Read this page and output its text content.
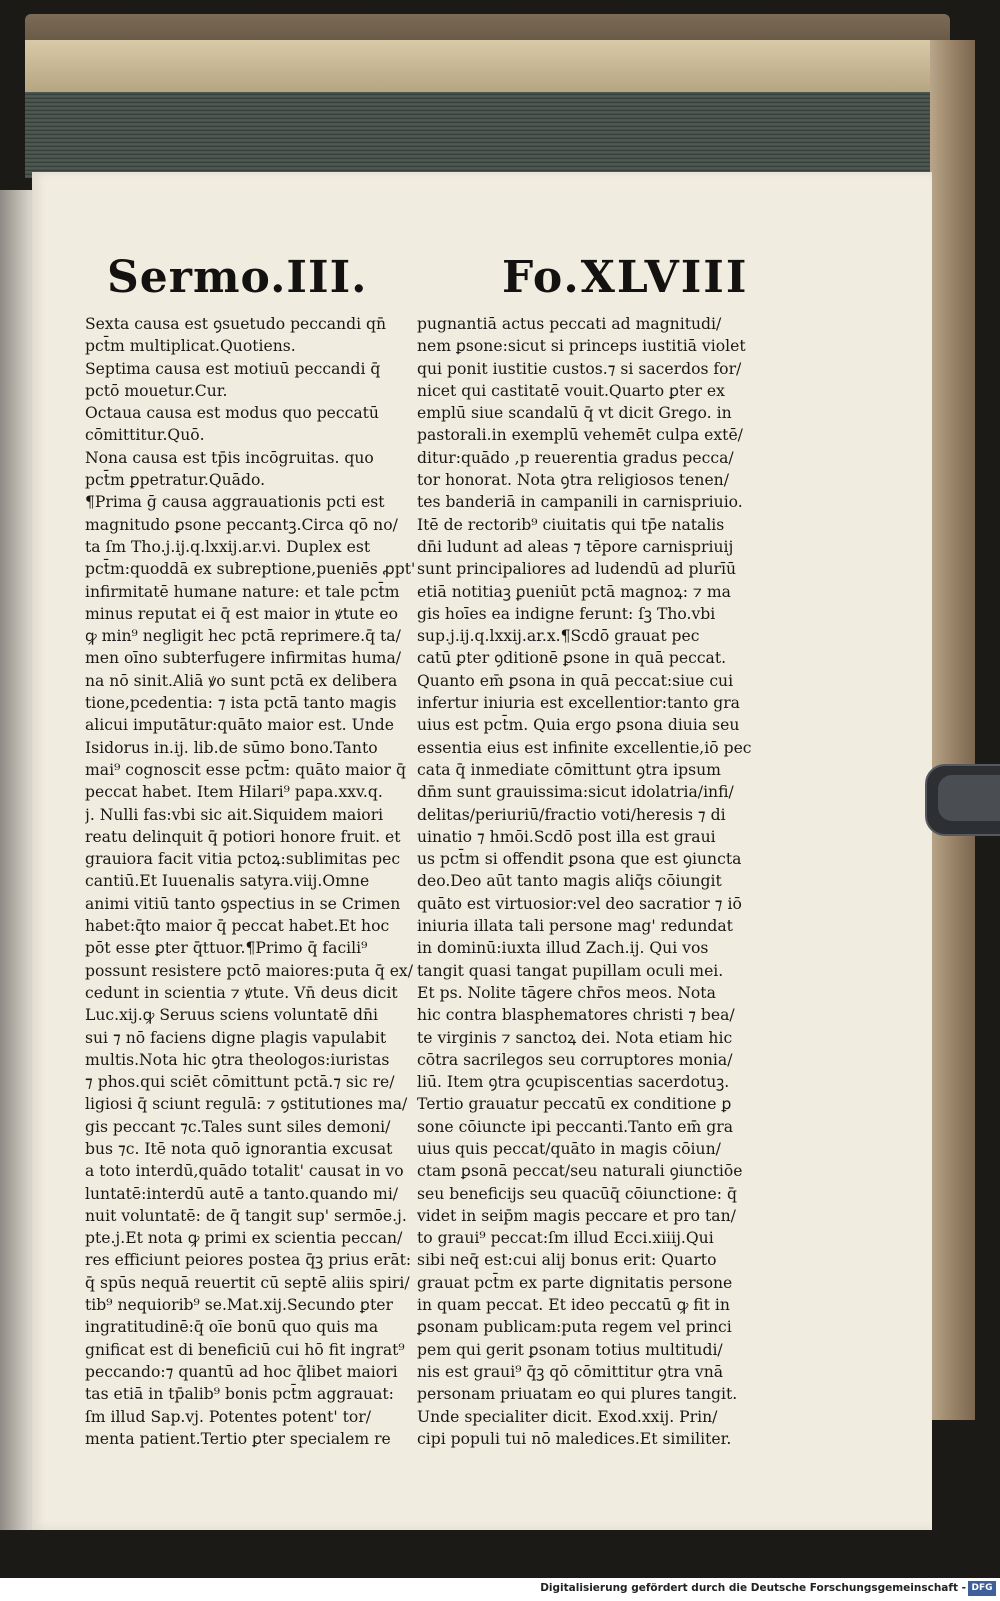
Sermo.III.	Fo.XLVIII
Sexta causa est ꝯsuetudo peccandi qn̄
pct̄m multiplicat.Quotiens.
Septima causa est motiuū peccandi q̄
pctō mouetur.Cur.
Octaua causa est modus quo peccatū
cōmittitur.Quō.
Nona causa est tp̄is incōgruitas. quo
pct̄m ꝑpetratur.Quādo.
¶Prima ḡ causa aggrauationis pcti est
magnitudo ꝑsone peccantꝫ.Circa qō no/
ta ſm Tho.j.ij.q.lxxij.ar.vi. Duplex est
pct̄m:quoddā ex subreptione,pueniēs ꝓpt'
infirmitatē humane nature: et tale pct̄m
minus reputat ei q̄ est maior in ꝟtute eo
ꝙ min⁹ negligit hec pctā reprimere.q̄ ta/
men oīno subterfugere infirmitas huma/
na nō sinit.Aliā ꝟo sunt pctā ex delibera
tione,pcedentia: ⁊ ista pctā tanto magis
alicui imputātur:quāto maior est. Unde
Isidorus in.ij. lib.de sūmo bono.Tanto
mai⁹ cognoscit esse pct̄m: quāto maior q̄
peccat habet. Item Hilari⁹ papa.xxv.q.
j. Nulli fas:vbi sic ait.Siquidem maiori
reatu delinquit q̄ potiori honore fruit. et
grauiora facit vitia pctoꝝ:sublimitas pec
cantiū.Et Iuuenalis satyra.viij.Omne
animi vitiū tanto ꝯspectius in se Crimen
habet:q̄to maior q̄ peccat habet.Et hoc
pōt esse ꝑter q̄ttuor.¶Primo q̄ facili⁹
possunt resistere pctō maiores:puta q̄ ex/
cedunt in scientia ⁊ ꝟtute. Vn̄ deus dicit
Luc.xij.ꝙ Seruus sciens voluntatē dn̄i
sui ⁊ nō faciens digne plagis vapulabit
multis.Nota hic ꝯtra theologos:iuristas
⁊ phos.qui sciēt cōmittunt pctā.⁊ sic re/
ligiosi q̄ sciunt regulā: ⁊ ꝯstitutiones ma/
gis peccant ⁊c.Tales sunt siles demoni/
bus ⁊c. Itē nota quō ignorantia excusat
a toto interdū,quādo totalit' causat in vo
luntatē:interdū autē a tanto.quando mi/
nuit voluntatē: de q̄ tangit sup' sermōe.j.
pte.j.Et nota ꝙ primi ex scientia peccan/
res efficiunt peiores postea q̄ꝫ prius erāt:
q̄ spūs nequā reuertit cū septē aliis spiri/
tib⁹ nequiorib⁹ se.Mat.xij.Secundo ꝑter
ingratitudinē:q̄ oīe bonū quo quis ma
gnificat est di beneficiū cui hō fit ingrat⁹
peccando:⁊ quantū ad hoc q̄libet maiori
tas etiā in tp̄alib⁹ bonis pct̄m aggrauat:
ſm illud Sap.vj. Potentes potent' tor/
menta patient.Tertio ꝑter specialem re
pugnantiā actus peccati ad magnitudi/
nem ꝑsone:sicut si princeps iustitiā violet
qui ponit iustitie custos.⁊ si sacerdos for/
nicet qui castitatē vouit.Quarto ꝑter ex
emplū siue scandalū q̄ vt dicit Grego. in
pastorali.in exemplū vehemēt culpa extē/
ditur:quādo ,p reuerentia gradus pecca/
tor honorat. Nota ꝯtra religiosos tenen/
tes banderiā in campanili in carnispriuio.
Itē de rectorib⁹ ciuitatis qui tp̄e natalis
dn̄i ludunt ad aleas ⁊ tēpore carnispriuij
sunt principaliores ad ludendū ad plurīū
etiā notitiaꝫ ꝑueniūt pctā magnoꝝ: ⁊ ma
gis hoīes ea indigne ferunt: ſꝫ Tho.vbi
sup.j.ij.q.lxxij.ar.x.¶Scdō grauat pec
catū ꝑter ꝯditionē ꝑsone in quā peccat.
Quanto em̄ ꝑsona in quā peccat:siue cui
infertur iniuria est excellentior:tanto gra
uius est pct̄m. Quia ergo ꝑsona diuia seu
essentia eius est infinite excellentie,iō pec
cata q̄ inmediate cōmittunt ꝯtra ipsum
dn̄m sunt grauissima:sicut idolatria/infi/
delitas/periuriū/fractio voti/heresis ⁊ di
uinatio ⁊ hmōi.Scdō post illa est graui
us pct̄m si offendit ꝑsona que est ꝯiuncta
deo.Deo aūt tanto magis aliq̄s cōiungit
quāto est virtuosior:vel deo sacratior ⁊ iō
iniuria illata tali persone mag' redundat
in dominū:iuxta illud Zach.ij. Qui vos
tangit quasi tangat pupillam oculi mei.
Et ps. Nolite tāgere chr̄os meos. Nota
hic contra blasphematores christi ⁊ bea/
te virginis ⁊ sanctoꝝ dei. Nota etiam hic
cōtra sacrilegos seu corruptores monia/
liū. Item ꝯtra ꝯcupiscentias sacerdotuꝫ.
Tertio grauatur peccatū ex conditione ꝑ
sone cōiuncte ipi peccanti.Tanto em̄ gra
uius quis peccat/quāto in magis cōiun/
ctam ꝑsonā peccat/seu naturali ꝯiunctiōe
seu beneficijs seu quacūq̄ cōiunctione: q̄
videt in seip̄m magis peccare et pro tan/
to graui⁹ peccat:ſm illud Ecci.xiiij.Qui
sibi neq̄ est:cui alij bonus erit: Quarto
grauat pct̄m ex parte dignitatis persone
in quam peccat. Et ideo peccatū ꝙ fit in
ꝑsonam publicam:puta regem vel princi
pem qui gerit ꝑsonam totius multitudi/
nis est graui⁹ q̄ꝫ qō cōmittitur ꝯtra vnā
personam priuatam eo qui plures tangit.
Unde specialiter dicit. Exod.xxij. Prin/
cipi populi tui nō maledices.Et similiter.
Digitalisierung gefördert durch die Deutsche Forschungsgemeinschaft - DFG
